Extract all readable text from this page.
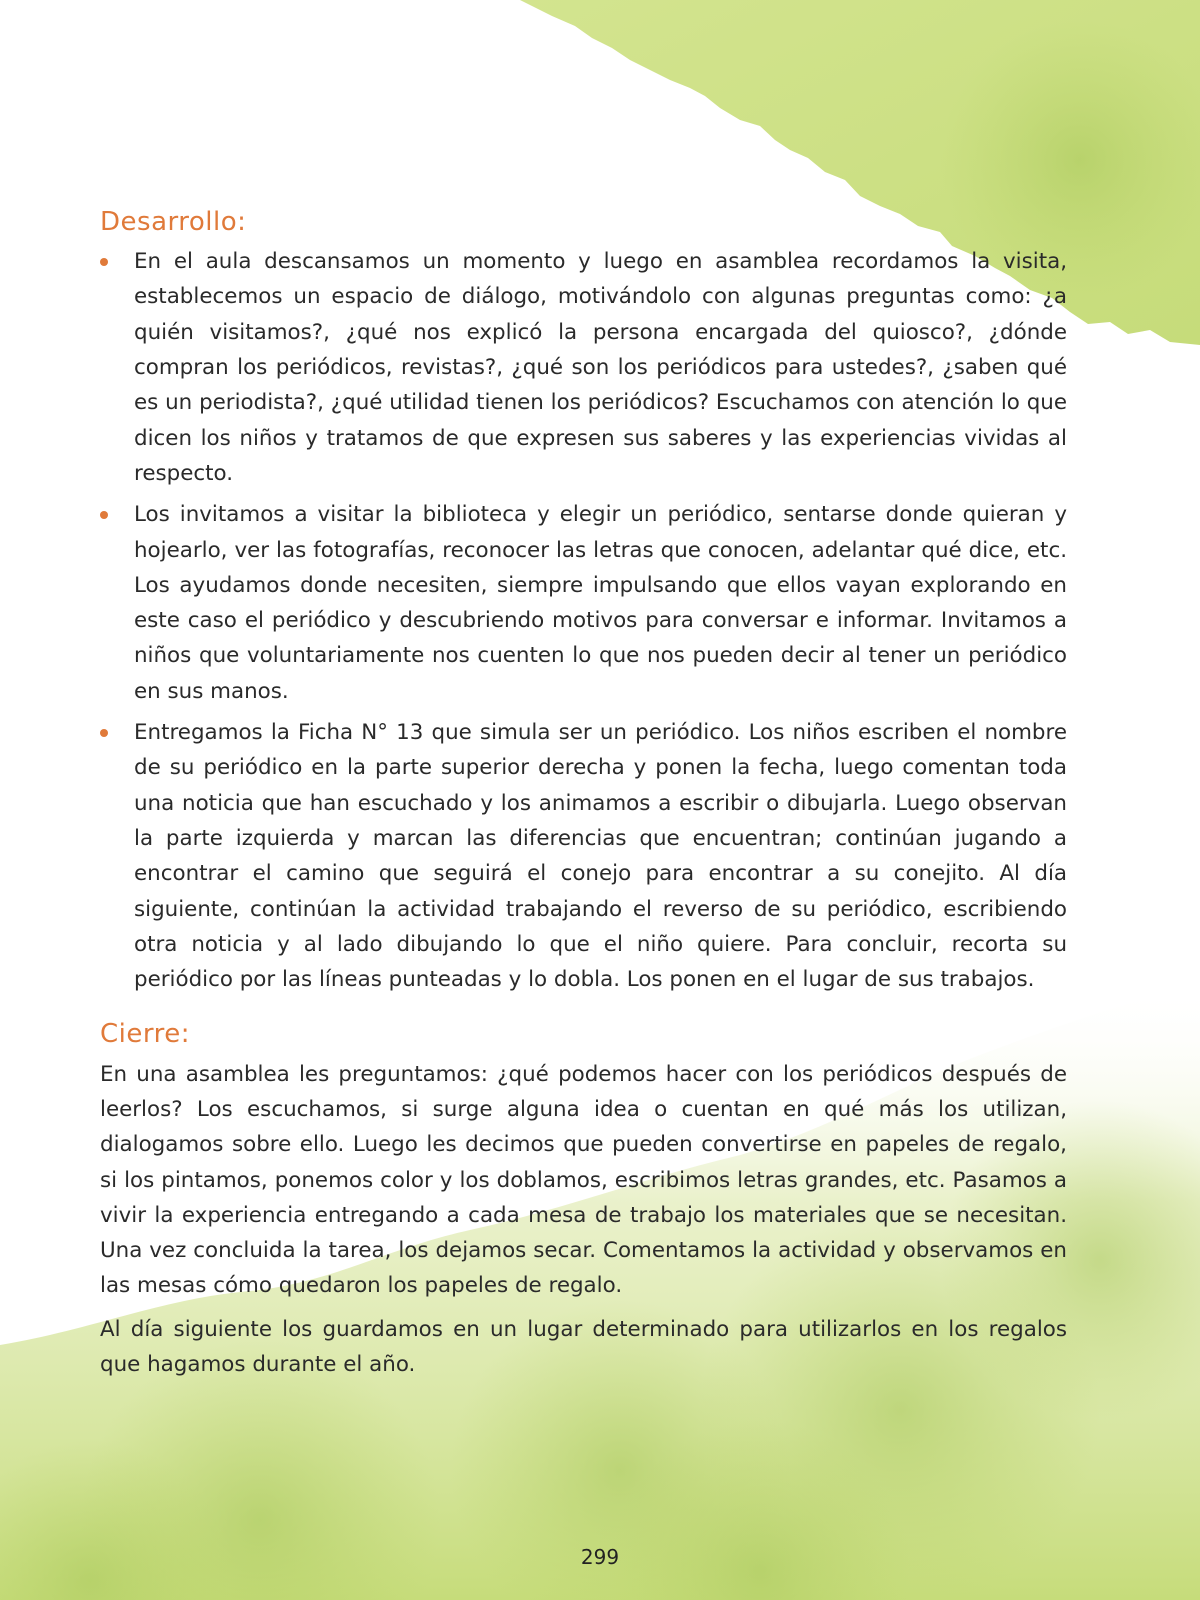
Desarrollo:
En el aula descansamos un momento y luego en asamblea recordamos la visita, establecemos un espacio de diálogo, motivándolo con algunas preguntas como: ¿a quién visitamos?, ¿qué nos explicó la persona encargada del quiosco?, ¿dónde compran los periódicos, revistas?, ¿qué son los periódicos para ustedes?, ¿saben qué es un periodista?, ¿qué utilidad tienen los periódicos? Escuchamos con atención lo que dicen los niños y tratamos de que expresen sus saberes y las experiencias vividas al respecto.
Los invitamos a visitar la biblioteca y elegir un periódico, sentarse donde quieran y hojearlo, ver las fotografías, reconocer las letras que conocen, adelantar qué dice, etc. Los ayudamos donde necesiten, siempre impulsando que ellos vayan explorando en este caso el periódico y descubriendo motivos para conversar e informar. Invitamos a niños que voluntariamente nos cuenten lo que nos pueden decir al tener un periódico en sus manos.
Entregamos la Ficha N° 13 que simula ser un periódico. Los niños escriben el nombre de su periódico en la parte superior derecha y ponen la fecha, luego comentan toda una noticia que han escuchado y los animamos a escribir o dibujarla. Luego observan la parte izquierda y marcan las diferencias que encuentran; continúan jugando a encontrar el camino que seguirá el conejo para encontrar a su conejito. Al día siguiente, continúan la actividad trabajando el reverso de su periódico, escribiendo otra noticia y al lado dibujando lo que el niño quiere. Para concluir, recorta su periódico por las líneas punteadas y lo dobla. Los ponen en el lugar de sus trabajos.
Cierre:

En una asamblea les preguntamos: ¿qué podemos hacer con los periódicos después de leerlos? Los escuchamos, si surge alguna idea o cuentan en qué más los utilizan, dialogamos sobre ello. Luego les decimos que pueden convertirse en papeles de regalo, si los pintamos, ponemos color y los doblamos, escribimos letras grandes, etc. Pasamos a vivir la experiencia entregando a cada mesa de trabajo los materiales que se necesitan. Una vez concluida la tarea, los dejamos secar. Comentamos la actividad y observamos en las mesas cómo quedaron los papeles de regalo.

Al día siguiente los guardamos en un lugar determinado para utilizarlos en los regalos que hagamos durante el año.

299
